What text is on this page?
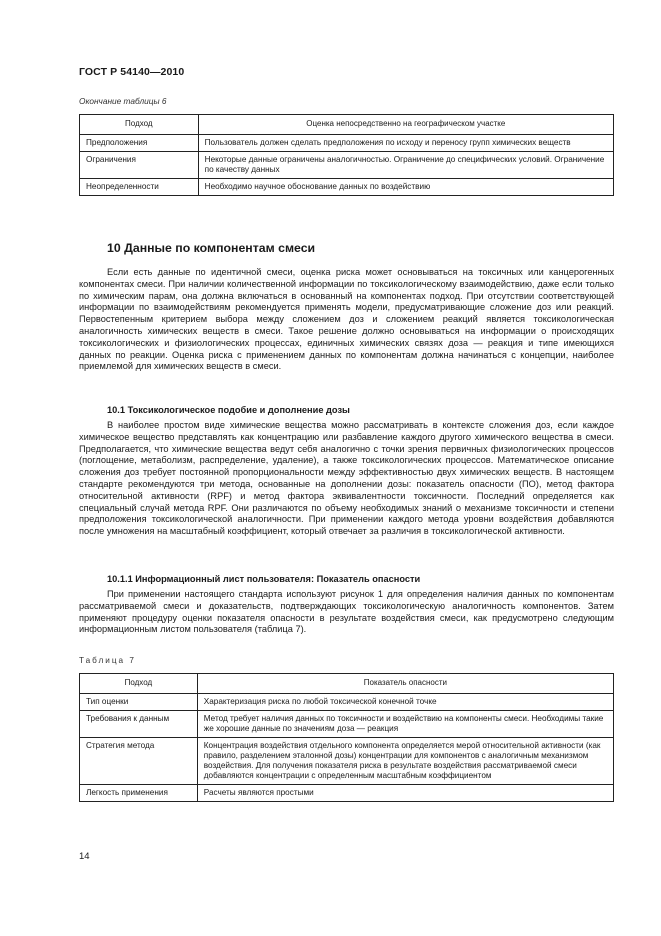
ГОСТ Р 54140—2010
Окончание таблицы 6
Подход	Оценка непосредственно на географическом участке
Предположения	Пользователь должен сделать предположения по исходу и переносу групп химических веществ
Ограничения	Некоторые данные ограничены аналогичностью. Ограничение до специфических условий. Ограничение по качеству данных
Неопределенности	Необходимо научное обоснование данных по воздействию
10 Данные по компонентам смеси
Если есть данные по идентичной смеси, оценка риска может основываться на токсичных или канцерогенных компонентах смеси. При наличии количественной информации по токсикологическому взаимодействию, даже если только по химическим парам, она должна включаться в основанный на компонентах подход. При отсутствии соответствующей информации по взаимодействиям рекомендуется применять модели, предусматривающие сложение доз или реакций. Первостепенным критерием выбора между сложением доз и сложением реакций является токсикологическая аналогичность химических веществ в смеси. Такое решение должно основываться на информации о происходящих токсикологических и физиологических процессах, единичных химических связях доза — реакция и типе имеющихся данных по реакции. Оценка риска с применением данных по компонентам должна начинаться с концепции, наиболее приемлемой для химических веществ в смеси.
10.1 Токсикологическое подобие и дополнение дозы
В наиболее простом виде химические вещества можно рассматривать в контексте сложения доз, если каждое химическое вещество представлять как концентрацию или разбавление каждого другого химического вещества в смеси. Предполагается, что химические вещества ведут себя аналогично с точки зрения первичных физиологических процессов (поглощение, метаболизм, распределение, удаление), а также токсикологических процессов. Математическое описание сложения доз требует постоянной пропорциональности между эффективностью двух химических веществ. В настоящем стандарте рекомендуются три метода, основанные на дополнении дозы: показатель опасности (ПО), метод фактора относительной активности (RPF) и метод фактора эквивалентности токсичности. Последний определяется как специальный случай метода RPF. Они различаются по объему необходимых знаний о механизме токсичности и степени предположения токсикологической аналогичности. При применении каждого метода уровни воздействия добавляются после умножения на масштабный коэффициент, который отвечает за различия в токсикологической активности.
10.1.1 Информационный лист пользователя: Показатель опасности
При применении настоящего стандарта используют рисунок 1 для определения наличия данных по компонентам рассматриваемой смеси и доказательств, подтверждающих токсикологическую аналогичность компонентов. Затем применяют процедуру оценки показателя опасности в результате воздействия смеси, как предусмотрено следующим информационным листом пользователя (таблица 7).
Таблица 7
Подход	Показатель опасности
Тип оценки	Характеризация риска по любой токсической конечной точке
Требования к данным	Метод требует наличия данных по токсичности и воздействию на компоненты смеси. Необходимы такие же хорошие данные по значениям доза — реакция
Стратегия метода	Концентрация воздействия отдельного компонента определяется мерой относительной активности (как правило, разделением эталонной дозы) концентрации для компонентов с аналогичным механизмом воздействия. Для получения показателя риска в результате воздействия рассматриваемой смеси добавляются концентрации с определенным масштабным коэффициентом
Легкость применения	Расчеты являются простыми
14
